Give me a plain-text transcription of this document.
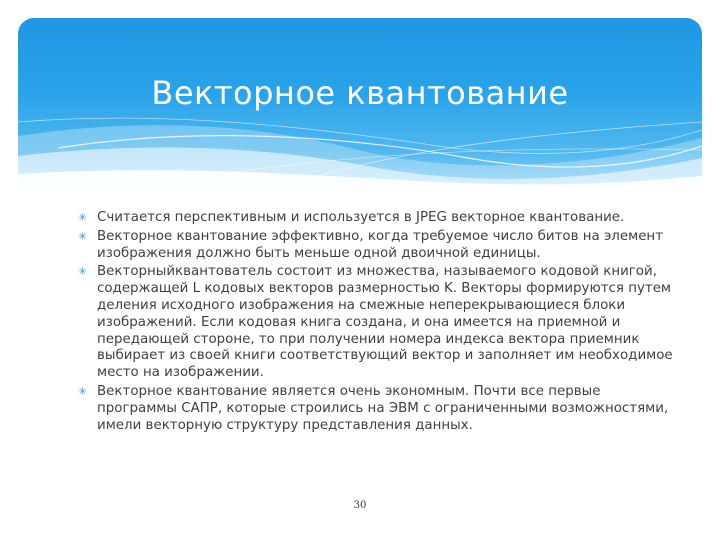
Векторное квантование
✳ Считается перспективным и используется в JPEG векторное квантование.
✳ Векторное квантование эффективно, когда требуемое число битов на элемент изображения должно быть меньше одной двоичной единицы.
✳ Векторныйквантователь состоит из множества, называемого кодовой книгой, содержащей L кодовых векторов размерностью K. Векторы формируются путем деления исходного изображения на смежные неперекрывающиеся блоки изображений. Если кодовая книга создана, и она имеется на приемной и передающей стороне, то при получении номера индекса вектора приемник выбирает из своей книги соответствующий вектор и заполняет им необходимое место на изображении.
✳ Векторное квантование является очень экономным. Почти все первые программы САПР, которые строились на ЭВМ с ограниченными возможностями, имели векторную структуру представления данных.
30
